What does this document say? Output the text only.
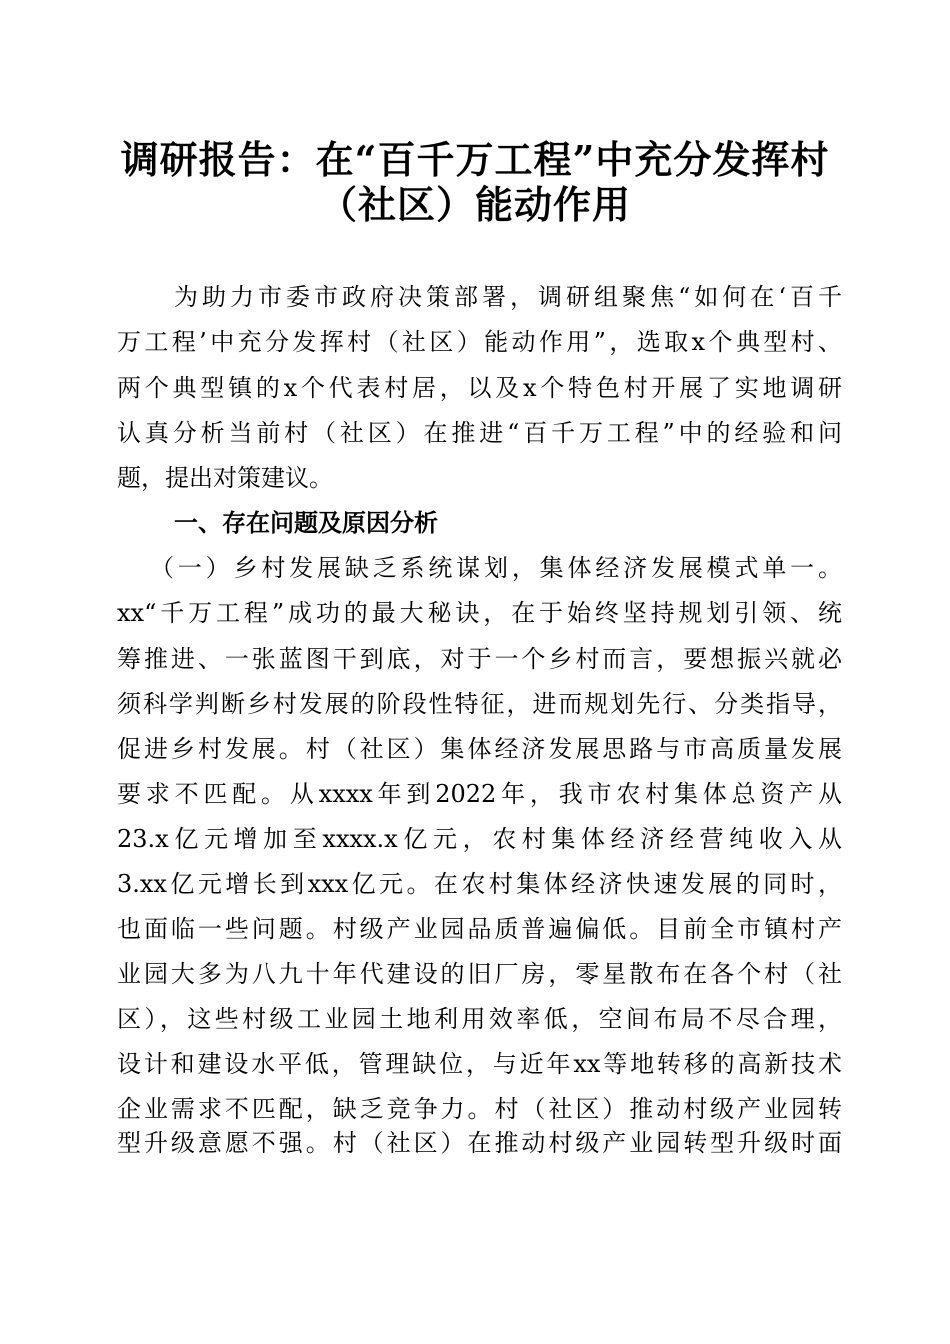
调研报告：在“百千万工程”中充分发挥村
（社区）能动作用
为助力市委市政府决策部署，调研组聚焦“如何在‘百千
万工程’中充分发挥村（社区）能动作用”，选取x个典型村、
两个典型镇的x个代表村居，以及x个特色村开展了实地调研
认真分析当前村（社区）在推进“百千万工程”中的经验和问
题，提出对策建议。
一、存在问题及原因分析
（一）乡村发展缺乏系统谋划，集体经济发展模式单一。
xx“千万工程”成功的最大秘诀，在于始终坚持规划引领、统
筹推进、一张蓝图干到底，对于一个乡村而言，要想振兴就必
须科学判断乡村发展的阶段性特征，进而规划先行、分类指导，
促进乡村发展。村（社区）集体经济发展思路与市高质量发展
要求不匹配。从xxxx年到2022年，我市农村集体总资产从
23.x亿元增加至xxxx.x亿元，农村集体经济经营纯收入从
3.xx亿元增长到xxx亿元。在农村集体经济快速发展的同时，
也面临一些问题。村级产业园品质普遍偏低。目前全市镇村产
业园大多为八九十年代建设的旧厂房，零星散布在各个村（社
区），这些村级工业园土地利用效率低，空间布局不尽合理，
设计和建设水平低，管理缺位，与近年xx等地转移的高新技术
企业需求不匹配，缺乏竞争力。村（社区）推动村级产业园转
型升级意愿不强。村（社区）在推动村级产业园转型升级时面
